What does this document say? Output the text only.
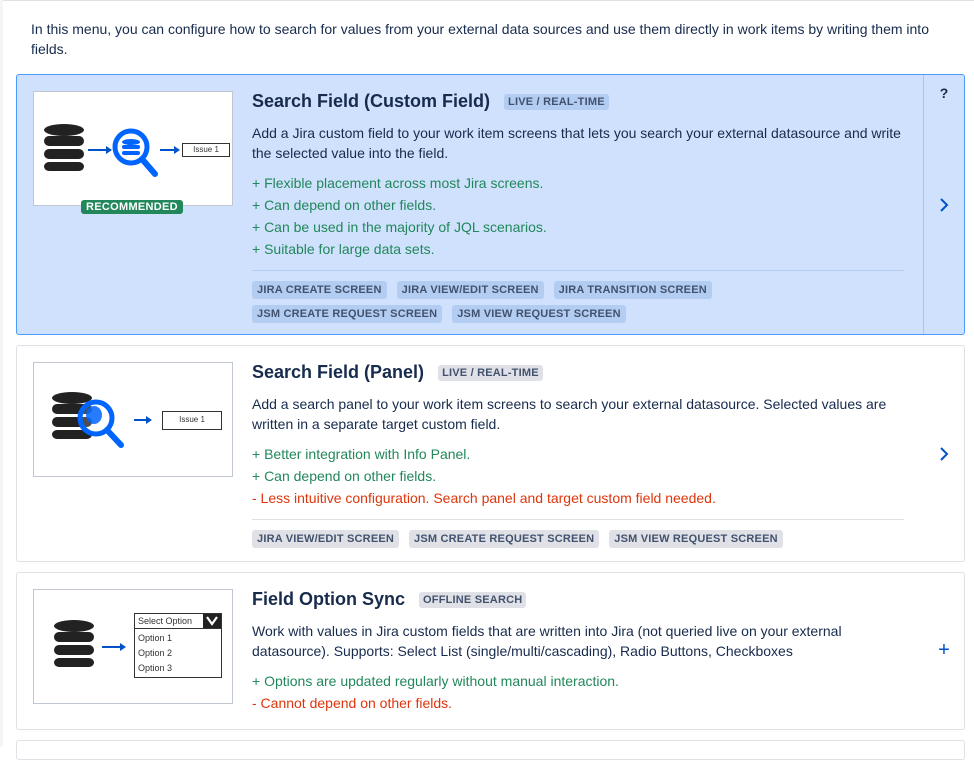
In this menu, you can configure how to search for values from your external data sources and use them directly in work items by writing them into fields.
Issue 1
RECOMMENDED
Search Field (Custom Field)	LIVE / REAL-TIME
Add a Jira custom field to your work item screens that lets you search your external datasource and write the selected value into the field.
+ Flexible placement across most Jira screens.
+ Can depend on other fields.
+ Can be used in the majority of JQL scenarios.
+ Suitable for large data sets.
JIRA CREATE SCREEN	JIRA VIEW/EDIT SCREEN	JIRA TRANSITION SCREEN
JSM CREATE REQUEST SCREEN	JSM VIEW REQUEST SCREEN
?
Issue 1
Search Field (Panel)	LIVE / REAL-TIME
Add a search panel to your work item screens to search your external datasource. Selected values are written in a separate target custom field.
+ Better integration with Info Panel.
+ Can depend on other fields.
- Less intuitive configuration. Search panel and target custom field needed.
JIRA VIEW/EDIT SCREEN	JSM CREATE REQUEST SCREEN	JSM VIEW REQUEST SCREEN
Select Option
Option 1
Option 2
Option 3
Field Option Sync	OFFLINE SEARCH
Work with values in Jira custom fields that are written into Jira (not queried live on your external datasource). Supports: Select List (single/multi/cascading), Radio Buttons, Checkboxes
+ Options are updated regularly without manual interaction.
- Cannot depend on other fields.
+
